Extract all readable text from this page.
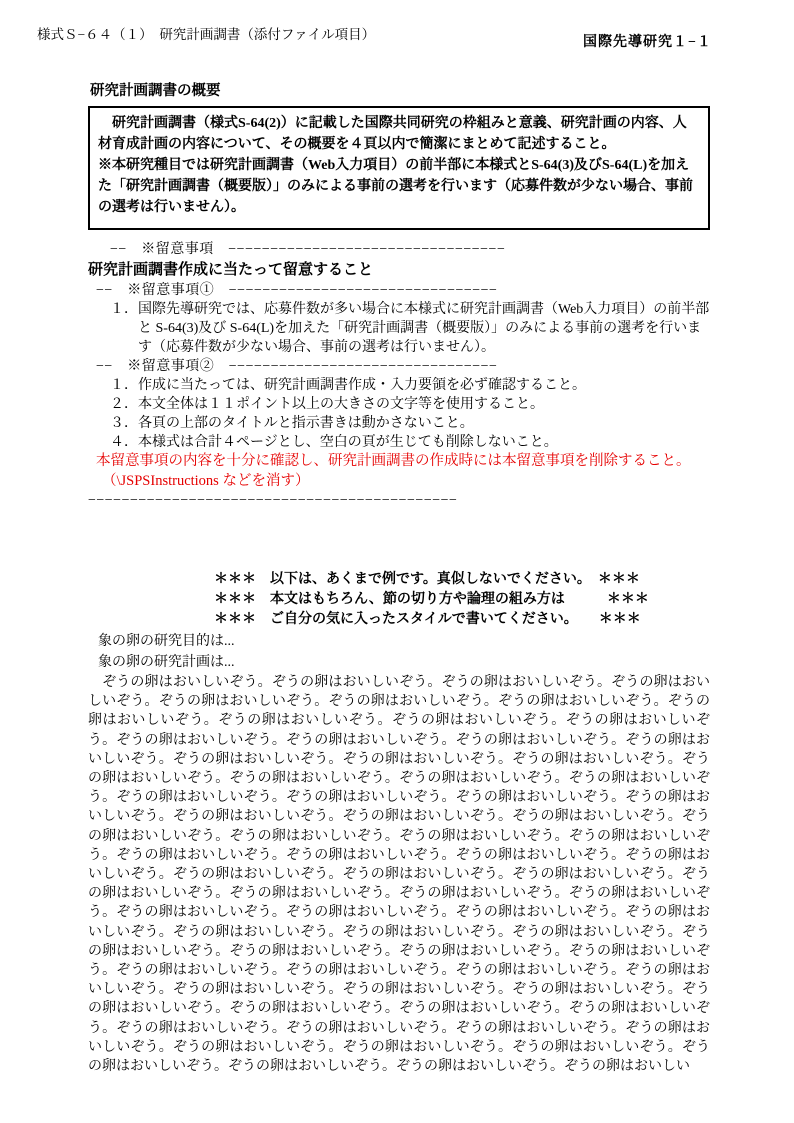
様式Ｓ−６４（１）　研究計画調書（添付ファイル項目）
国際先導研究１−１
研究計画調書の概要

　研究計画調書（様式S-64(2)）に記載した国際共同研究の枠組みと意義、研究計画の内容、人材育成計画の内容について、その概要を４頁以内で簡潔にまとめて記述すること。

※本研究種目では研究計画調書（Web入力項目）の前半部に本様式とS-64(3)及びS-64(L)を加えた「研究計画調書（概要版）」のみによる事前の選考を行います（応募件数が少ない場合、事前の選考は行いません）。

−−　※留意事項　−−−−−−−−−−−−−−−−−−−−−−−−−−−−−−−−−
研究計画調書作成に当たって留意すること
−−　※留意事項①　−−−−−−−−−−−−−−−−−−−−−−−−−−−−−−−−

１．国際先導研究では、応募件数が多い場合に本様式に研究計画調書（Web入力項目）の前半部と S-64(3)及び S-64(L)を加えた「研究計画調書（概要版）」のみによる事前の選考を行います（応募件数が少ない場合、事前の選考は行いません）。

−−　※留意事項②　−−−−−−−−−−−−−−−−−−−−−−−−−−−−−−−−

１．作成に当たっては、研究計画調書作成・入力要領を必ず確認すること。

２．本文全体は１１ポイント以上の大きさの文字等を使用すること。

３．各頁の上部のタイトルと指示書きは動かさないこと。

４．本様式は合計４ページとし、空白の頁が生じても削除しないこと。

本留意事項の内容を十分に確認し、研究計画調書の作成時には本留意事項を削除すること。

（\JSPSInstructions などを消す）

−−−−−−−−−−−−−−−−−−−−−−−−−−−−−−−−−−−−−−−−−−−−
＊＊＊　以下は、あくまで例です。真似しないでください。　＊＊＊
＊＊＊　本文はもちろん、節の切り方や論理の組み方は　　　＊＊＊
＊＊＊　ご自分の気に入ったスタイルで書いてください。　　＊＊＊

象の卵の研究目的は...

象の卵の研究計画は...

　ぞうの卵はおいしいぞう。ぞうの卵はおいしいぞう。ぞうの卵はおいしいぞう。ぞうの卵はおいしいぞう。ぞうの卵はおいしいぞう。ぞうの卵はおいしいぞう。ぞうの卵はおいしいぞう。ぞうの卵はおいしいぞう。ぞうの卵はおいしいぞう。ぞうの卵はおいしいぞう。ぞうの卵はおいしいぞう。ぞうの卵はおいしいぞう。ぞうの卵はおいしいぞう。ぞうの卵はおいしいぞう。ぞうの卵はおいしいぞう。ぞうの卵はおいしいぞう。ぞうの卵はおいしいぞう。ぞうの卵はおいしいぞう。ぞうの卵はおいしいぞう。ぞうの卵はおいしいぞう。ぞうの卵はおいしいぞう。ぞうの卵はおいしいぞう。ぞうの卵はおいしいぞう。ぞうの卵はおいしいぞう。ぞうの卵はおいしいぞう。ぞうの卵はおいしいぞう。ぞうの卵はおいしいぞう。ぞうの卵はおいしいぞう。ぞうの卵はおいしいぞう。ぞうの卵はおいしいぞう。ぞうの卵はおいしいぞう。ぞうの卵はおいしいぞう。ぞうの卵はおいしいぞう。ぞうの卵はおいしいぞう。ぞうの卵はおいしいぞう。ぞうの卵はおいしいぞう。ぞうの卵はおいしいぞう。ぞうの卵はおいしいぞう。ぞうの卵はおいしいぞう。ぞうの卵はおいしいぞう。ぞうの卵はおいしいぞう。ぞうの卵はおいしいぞう。ぞうの卵はおいしいぞう。ぞうの卵はおいしいぞう。ぞうの卵はおいしいぞう。ぞうの卵はおいしいぞう。ぞうの卵はおいしいぞう。ぞうの卵はおいしいぞう。ぞうの卵はおいしいぞう。ぞうの卵はおいしいぞう。ぞうの卵はおいしいぞう。ぞうの卵はおいしいぞう。ぞうの卵はおいしいぞう。ぞうの卵はおいしいぞう。ぞうの卵はおいしいぞう。ぞうの卵はおいしいぞう。ぞうの卵はおいしいぞう。ぞうの卵はおいしいぞう。ぞうの卵はおいしいぞう。ぞうの卵はおいしいぞう。ぞうの卵はおいしいぞう。ぞうの卵はおいしいぞう。ぞうの卵はおいしいぞう。ぞうの卵はおいしいぞう。ぞうの卵はおいしいぞう。ぞうの卵はおいしいぞう。ぞうの卵はおいしいぞう。ぞうの卵はおいしいぞう。ぞうの卵はおいしいぞう。ぞうの卵はおいしいぞう。ぞうの卵はおいしいぞう。ぞうの卵はおいしいぞう。ぞうの卵はおいしいぞう。ぞうの卵はおいしいぞう。ぞうの卵はおいしいぞう。ぞうの卵はおいしいぞう。ぞうの卵はおいしい
